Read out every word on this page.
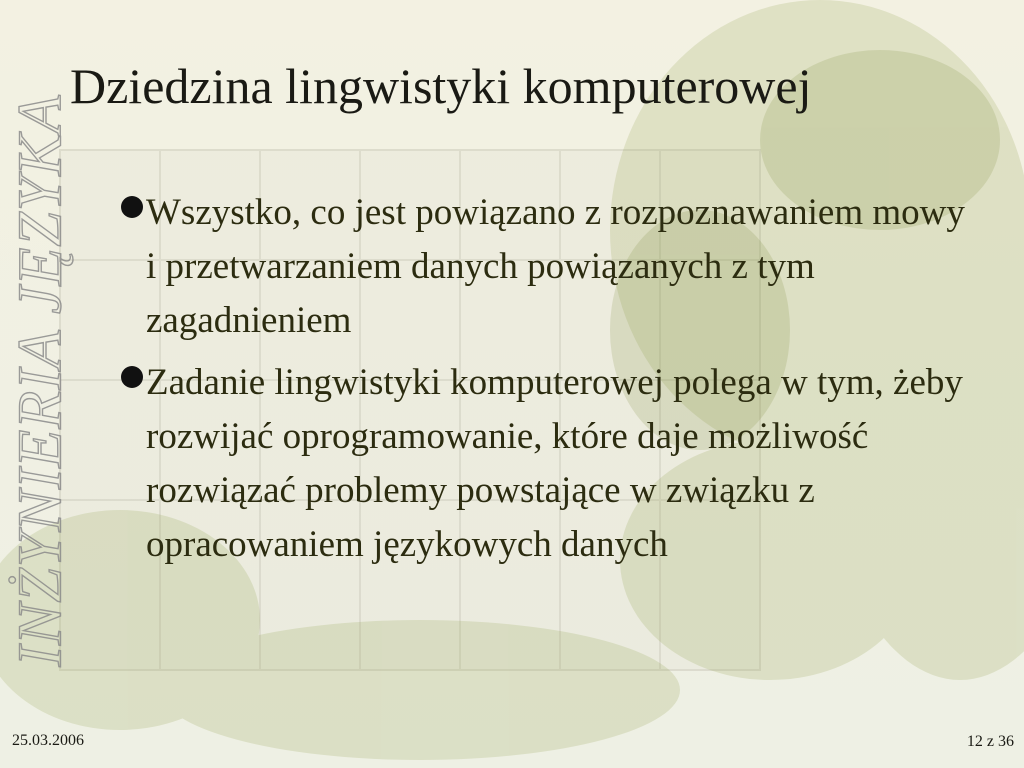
INŻYNIERIA JĘZYKA
Dziedzina lingwistyki komputerowej
Wszystko, co jest powiązano z rozpoznawaniem mowy i przetwarzaniem danych powiązanych z tym zagadnieniem
Zadanie lingwistyki komputerowej polega w tym, żeby rozwijać oprogramowanie, które daje możliwość rozwiązać problemy powstające w związku z opracowaniem językowych danych
25.03.2006	12 z 36
